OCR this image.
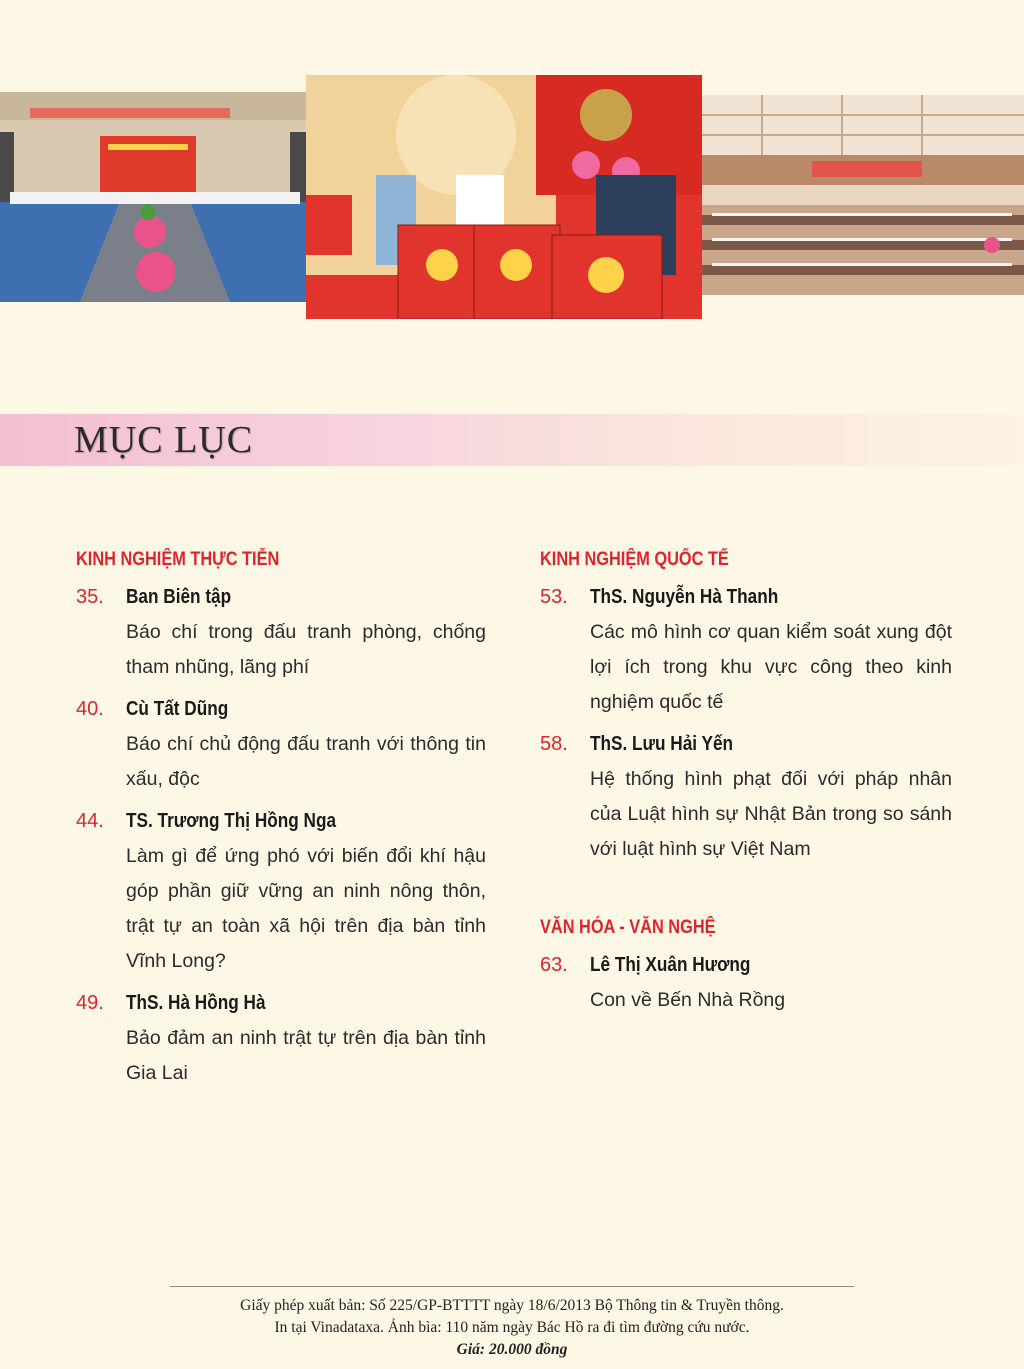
MỤC LỤC
KINH NGHIỆM THỰC TIỄN
35. Ban Biên tập
Báo chí trong đấu tranh phòng, chống tham nhũng, lãng phí
40. Cù Tất Dũng
Báo chí chủ động đấu tranh với thông tin xấu, độc
44. TS. Trương Thị Hồng Nga
Làm gì để ứng phó với biến đổi khí hậu góp phần giữ vững an ninh nông thôn, trật tự an toàn xã hội trên địa bàn tỉnh Vĩnh Long?
49. ThS. Hà Hồng Hà
Bảo đảm an ninh trật tự trên địa bàn tỉnh Gia Lai
KINH NGHIỆM QUỐC TẾ
53. ThS. Nguyễn Hà Thanh
Các mô hình cơ quan kiểm soát xung đột lợi ích trong khu vực công theo kinh nghiệm quốc tế
58. ThS. Lưu Hải Yến
Hệ thống hình phạt đối với pháp nhân của Luật hình sự Nhật Bản trong so sánh với luật hình sự Việt Nam
VĂN HÓA - VĂN NGHỆ
63. Lê Thị Xuân Hương
Con về Bến Nhà Rồng
Giấy phép xuất bản: Số 225/GP-BTTTT ngày 18/6/2013 Bộ Thông tin & Truyền thông.
In tại Vinadataxa. Ảnh bìa: 110 năm ngày Bác Hồ ra đi tìm đường cứu nước.
Giá: 20.000 đồng
